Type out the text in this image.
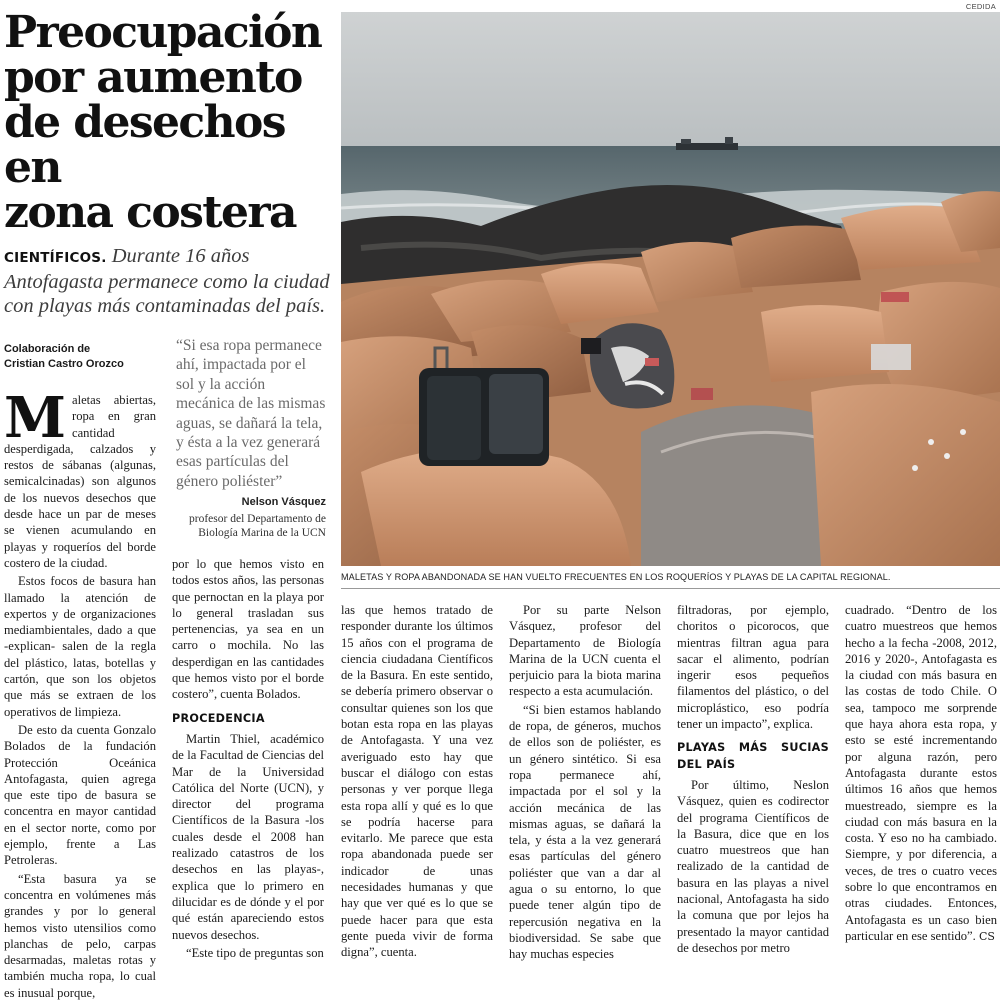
Preocupación
por aumento
de desechos en
zona costera
CIENTÍFICOS. Durante 16 años Antofagasta permanece como la ciudad con playas más contaminadas del país.
Colaboración de
Cristian Castro Orozco

Maletas abiertas, ropa en gran cantidad desperdigada, calzados y restos de sábanas (algunas, semicalcinadas) son algunos de los nuevos desechos que desde hace un par de meses se vienen acumulando en playas y roqueríos del borde costero de la ciudad.

Estos focos de basura han llamado la atención de expertos y de organizaciones mediambientales, dado a que -explican- salen de la regla del plástico, latas, botellas y cartón, que son los objetos que más se extraen de los operativos de limpieza.

De esto da cuenta Gonzalo Bolados de la fundación Protección Oceánica Antofagasta, quien agrega que este tipo de basura se concentra en mayor cantidad en el sector norte, como por ejemplo, frente a Las Petroleras.

“Esta basura ya se concentra en volúmenes más grandes y por lo general hemos visto utensilios como planchas de pelo, carpas desarmadas, maletas rotas y también mucha ropa, lo cual es inusual porque,

“Si esa ropa permanece ahí, impactada por el sol y la acción mecánica de las mismas aguas, se dañará la tela, y ésta a la vez generará esas partículas del género poliéster”
Nelson Vásquez
profesor del Departamento de Biología Marina de la UCN

por lo que hemos visto en todos estos años, las personas que pernoctan en la playa por lo general trasladan sus pertenencias, ya sea en un carro o mochila. No las desperdigan en las cantidades que hemos visto por el borde costero”, cuenta Bolados.

PROCEDENCIA

Martin Thiel, académico de la Facultad de Ciencias del Mar de la Universidad Católica del Norte (UCN), y director del programa Científicos de la Basura -los cuales desde el 2008 han realizado catastros de los desechos en las playas-, explica que lo primero en dilucidar es de dónde y el por qué están apareciendo estos nuevos desechos.

“Este tipo de preguntas son

las que hemos tratado de responder durante los últimos 15 años con el programa de ciencia ciudadana Científicos de la Basura. En este sentido, se debería primero observar o consultar quienes son los que botan esta ropa en las playas de Antofagasta. Y una vez averiguado esto hay que buscar el diálogo con estas personas y ver porque llega esta ropa allí y qué es lo que se podría hacerse para evitarlo. Me parece que esta ropa abandonada puede ser indicador de unas necesidades humanas y que hay que ver qué es lo que se puede hacer para que esta gente pueda vivir de forma digna”, cuenta.

Por su parte Nelson Vásquez, profesor del Departamento de Biología Marina de la UCN cuenta el perjuicio para la biota marina respecto a esta acumulación.

“Si bien estamos hablando de ropa, de géneros, muchos de ellos son de poliéster, es un género sintético. Si esa ropa permanece ahí, impactada por el sol y la acción mecánica de las mismas aguas, se dañará la tela, y ésta a la vez generará esas partículas del género poliéster que van a dar al agua o su entorno, lo que puede tener algún tipo de repercusión negativa en la biodiversidad. Se sabe que hay muchas especies

filtradoras, por ejemplo, choritos o picorocos, que mientras filtran agua para sacar el alimento, podrían ingerir esos pequeños filamentos del plástico, o del microplástico, eso podría tener un impacto”, explica.

PLAYAS MÁS SUCIAS DEL PAÍS

Por último, Neslon Vásquez, quien es codirector del programa Científicos de la Basura, dice que en los cuatro muestreos que han realizado de la cantidad de basura en las playas a nivel nacional, Antofagasta ha sido la comuna que por lejos ha presentado la mayor cantidad de desechos por metro

cuadrado. “Dentro de los cuatro muestreos que hemos hecho a la fecha -2008, 2012, 2016 y 2020-, Antofagasta es la ciudad con más basura en las costas de todo Chile. O sea, tampoco me sorprende que haya ahora esta ropa, y esto se esté incrementando por alguna razón, pero Antofagasta durante estos últimos 16 años que hemos muestreado, siempre es la ciudad con más basura en la costa. Y eso no ha cambiado. Siempre, y por diferencia, a veces, de tres o cuatro veces sobre lo que encontramos en otras ciudades. Entonces, Antofagasta es un caso bien particular en ese sentido”. CS

CEDIDA
MALETAS Y ROPA ABANDONADA SE HAN VUELTO FRECUENTES EN LOS ROQUERÍOS Y PLAYAS DE LA CAPITAL REGIONAL.
